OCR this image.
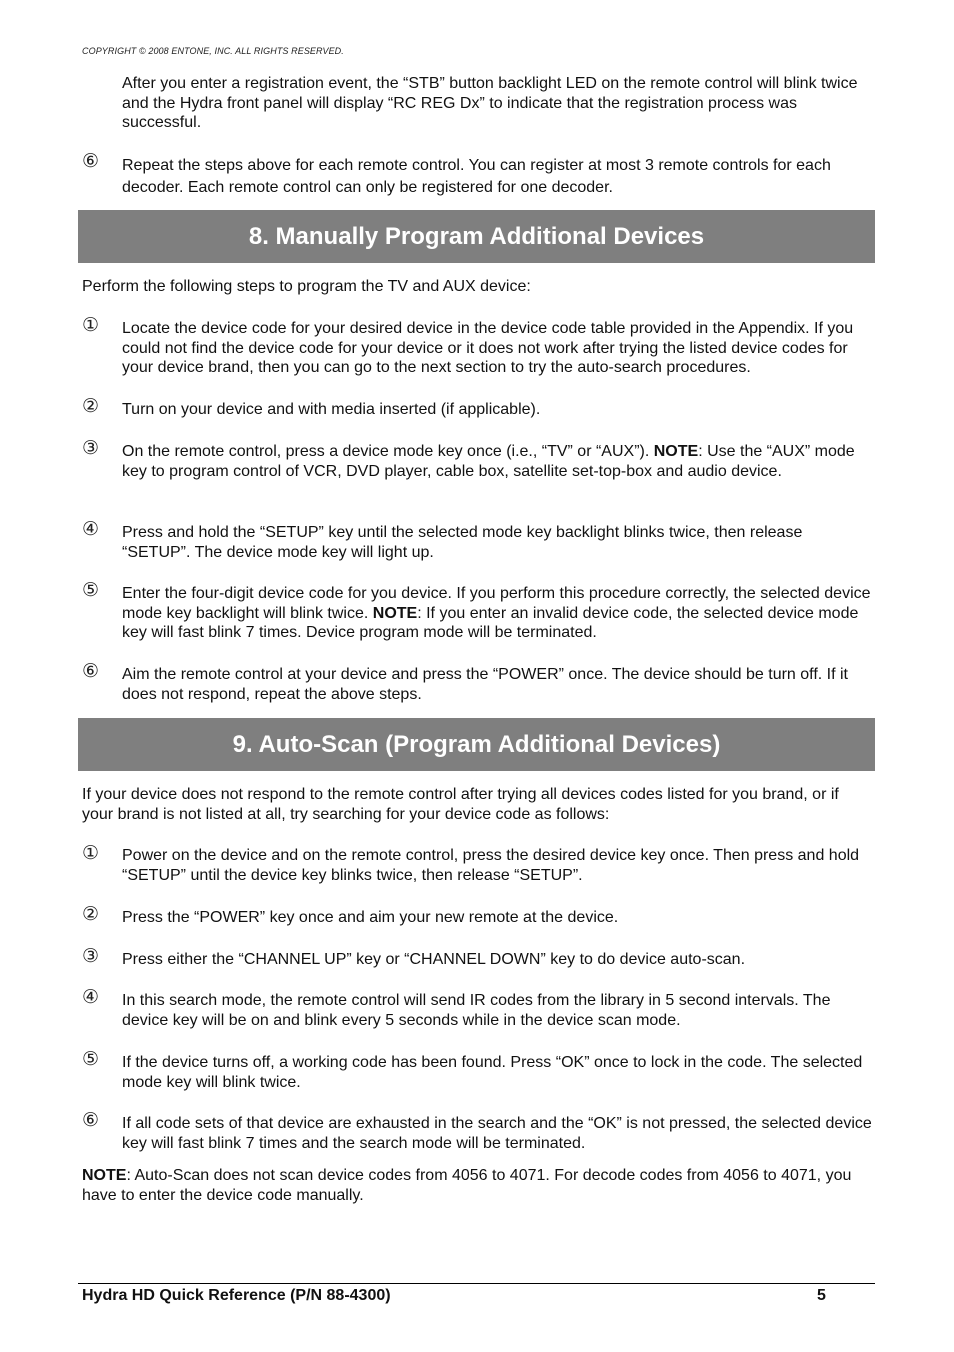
COPYRIGHT © 2008 ENTONE, INC. ALL RIGHTS RESERVED.
After you enter a registration event, the “STB” button backlight LED on the remote control will blink twice and the Hydra front panel will display “RC REG Dx” to indicate that the registration process was successful.
⑥ Repeat the steps above for each remote control. You can register at most 3 remote controls for each decoder. Each remote control can only be registered for one decoder.
8. Manually Program Additional Devices
Perform the following steps to program the TV and AUX device:
① Locate the device code for your desired device in the device code table provided in the Appendix. If you could not find the device code for your device or it does not work after trying the listed device codes for your device brand, then you can go to the next section to try the auto-search procedures.
② Turn on your device and with media inserted (if applicable).
③ On the remote control, press a device mode key once (i.e., “TV” or “AUX”). NOTE: Use the “AUX” mode key to program control of VCR, DVD player, cable box, satellite set-top-box and audio device.
④ Press and hold the “SETUP” key until the selected mode key backlight blinks twice, then release “SETUP”. The device mode key will light up.
⑤ Enter the four-digit device code for you device. If you perform this procedure correctly, the selected device mode key backlight will blink twice. NOTE: If you enter an invalid device code, the selected device mode key will fast blink 7 times. Device program mode will be terminated.
⑥ Aim the remote control at your device and press the “POWER” once. The device should be turn off. If it does not respond, repeat the above steps.
9. Auto-Scan (Program Additional Devices)
If your device does not respond to the remote control after trying all devices codes listed for you brand, or if your brand is not listed at all, try searching for your device code as follows:
① Power on the device and on the remote control, press the desired device key once. Then press and hold “SETUP” until the device key blinks twice, then release “SETUP”.
② Press the “POWER” key once and aim your new remote at the device.
③ Press either the “CHANNEL UP” key or “CHANNEL DOWN” key to do device auto-scan.
④ In this search mode, the remote control will send IR codes from the library in 5 second intervals. The device key will be on and blink every 5 seconds while in the device scan mode.
⑤ If the device turns off, a working code has been found. Press “OK” once to lock in the code. The selected mode key will blink twice.
⑥ If all code sets of that device are exhausted in the search and the “OK” is not pressed, the selected device key will fast blink 7 times and the search mode will be terminated.
NOTE: Auto-Scan does not scan device codes from 4056 to 4071. For decode codes from 4056 to 4071, you have to enter the device code manually.
Hydra HD Quick Reference (P/N 88-4300)	5
